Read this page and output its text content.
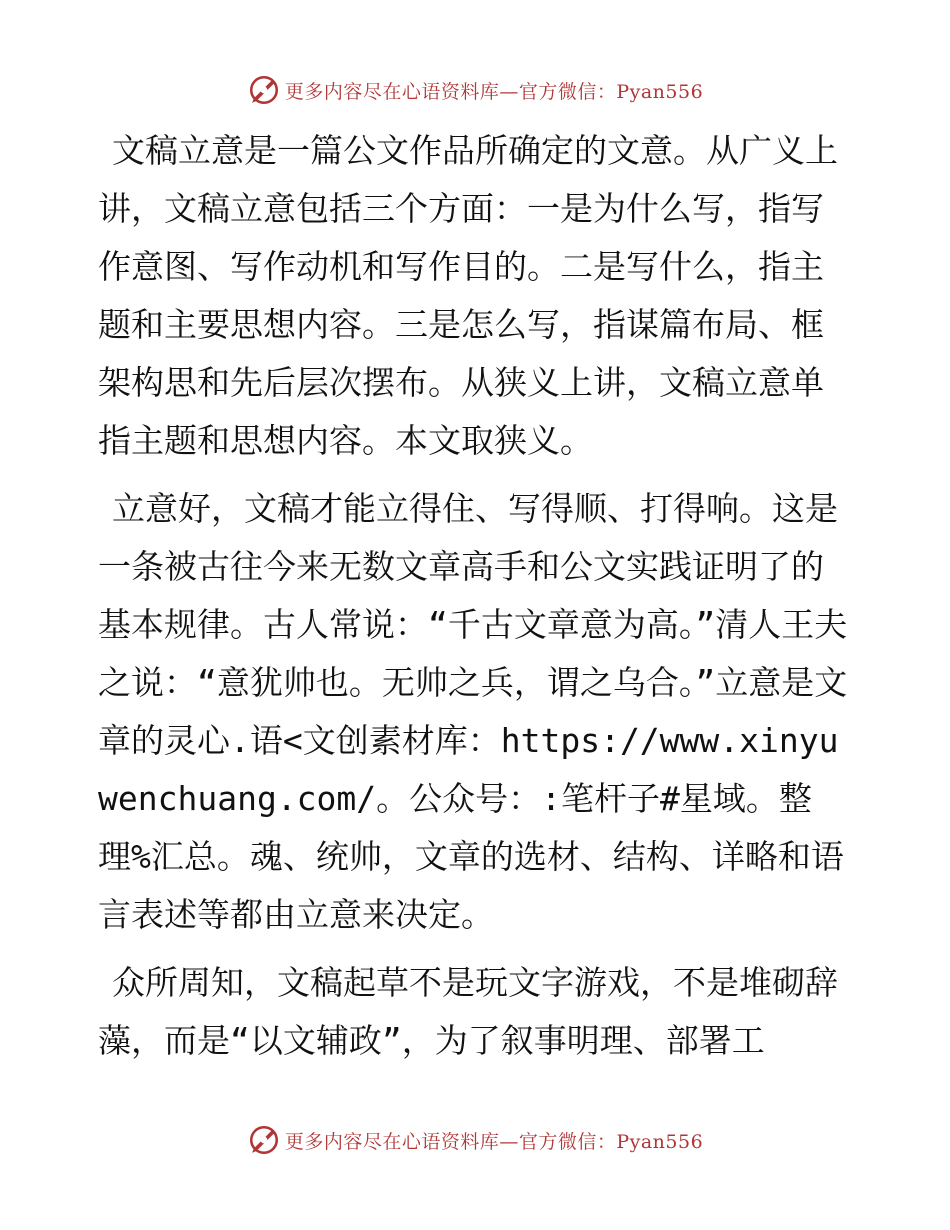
更多内容尽在心语资料库—官方微信：Pyan556

文稿立意是一篇公文作品所确定的文意。从广义上讲，文稿立意包括三个方面：一是为什么写，指写作意图、写作动机和写作目的。二是写什么，指主题和主要思想内容。三是怎么写，指谋篇布局、框架构思和先后层次摆布。从狭义上讲，文稿立意单指主题和思想内容。本文取狭义。

立意好，文稿才能立得住、写得顺、打得响。这是一条被古往今来无数文章高手和公文实践证明了的基本规律。古人常说：“千古文章意为高。”清人王夫之说：“意犹帅也。无帅之兵，谓之乌合。”立意是文章的灵心.语<文创素材库：https://www.xinyuwenchuang.com/。公众号：:笔杆子#星域。整理%汇总。魂、统帅，文章的选材、结构、详略和语言表述等都由立意来决定。

众所周知，文稿起草不是玩文字游戏，不是堆砌辞藻，而是“以文辅政”，为了叙事明理、部署工

更多内容尽在心语资料库—官方微信：Pyan556
